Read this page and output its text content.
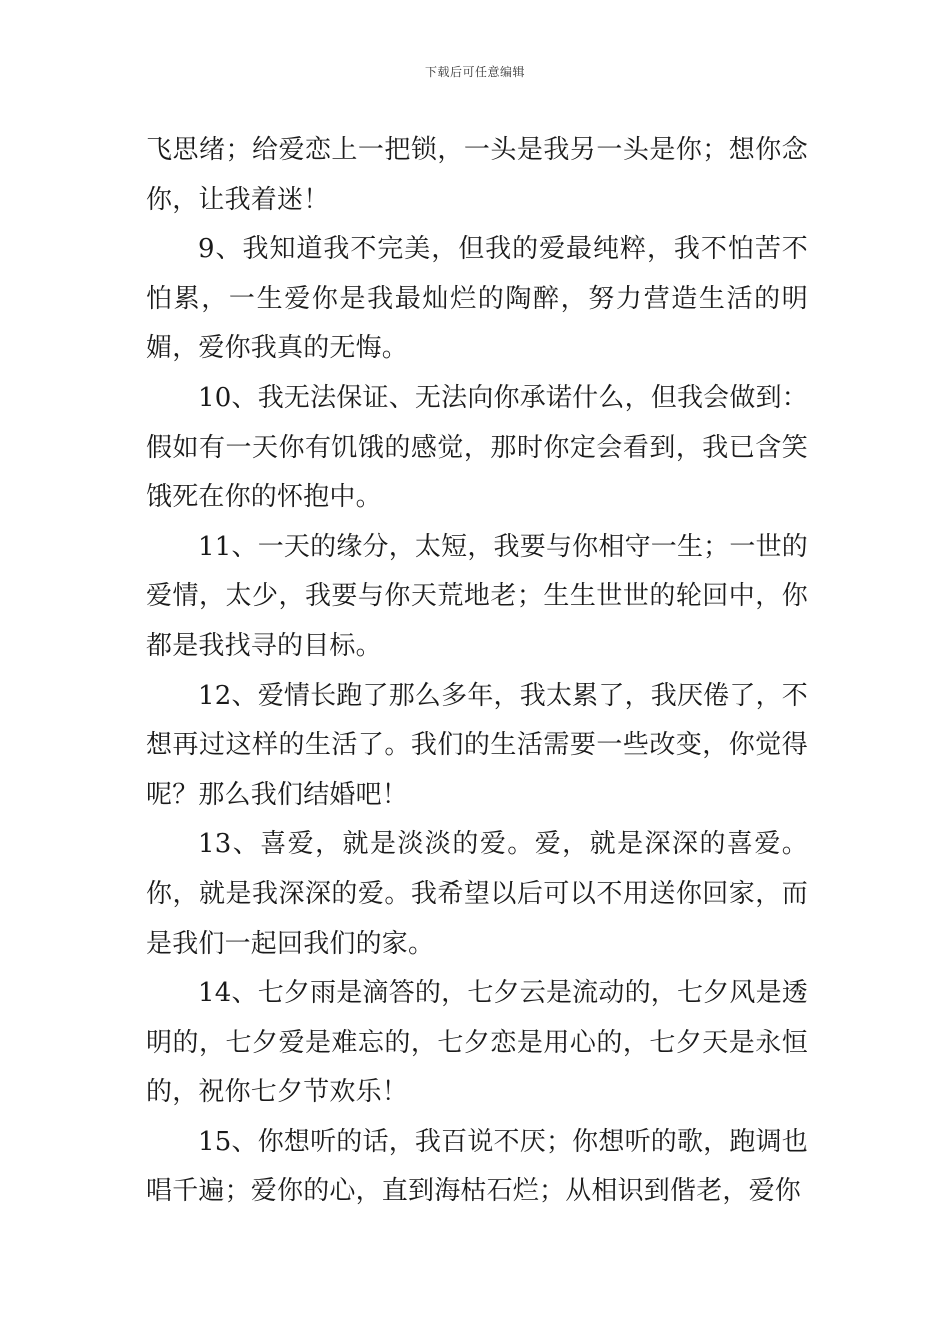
下载后可任意编辑

飞思绪；给爱恋上一把锁，一头是我另一头是你；想你念你，让我着迷！

9、我知道我不完美，但我的爱最纯粹，我不怕苦不怕累，一生爱你是我最灿烂的陶醉，努力营造生活的明媚，爱你我真的无悔。

10、我无法保证、无法向你承诺什么，但我会做到：假如有一天你有饥饿的感觉，那时你定会看到，我已含笑饿死在你的怀抱中。

11、一天的缘分，太短，我要与你相守一生；一世的爱情，太少，我要与你天荒地老；生生世世的轮回中，你都是我找寻的目标。

12、爱情长跑了那么多年，我太累了，我厌倦了，不想再过这样的生活了。我们的生活需要一些改变，你觉得呢？那么我们结婚吧！

13、喜爱，就是淡淡的爱。爱，就是深深的喜爱。你，就是我深深的爱。我希望以后可以不用送你回家，而是我们一起回我们的家。

14、七夕雨是滴答的，七夕云是流动的，七夕风是透明的，七夕爱是难忘的，七夕恋是用心的，七夕天是永恒的，祝你七夕节欢乐！

15、你想听的话，我百说不厌；你想听的歌，跑调也唱千遍；爱你的心，直到海枯石烂；从相识到偕老，爱你
